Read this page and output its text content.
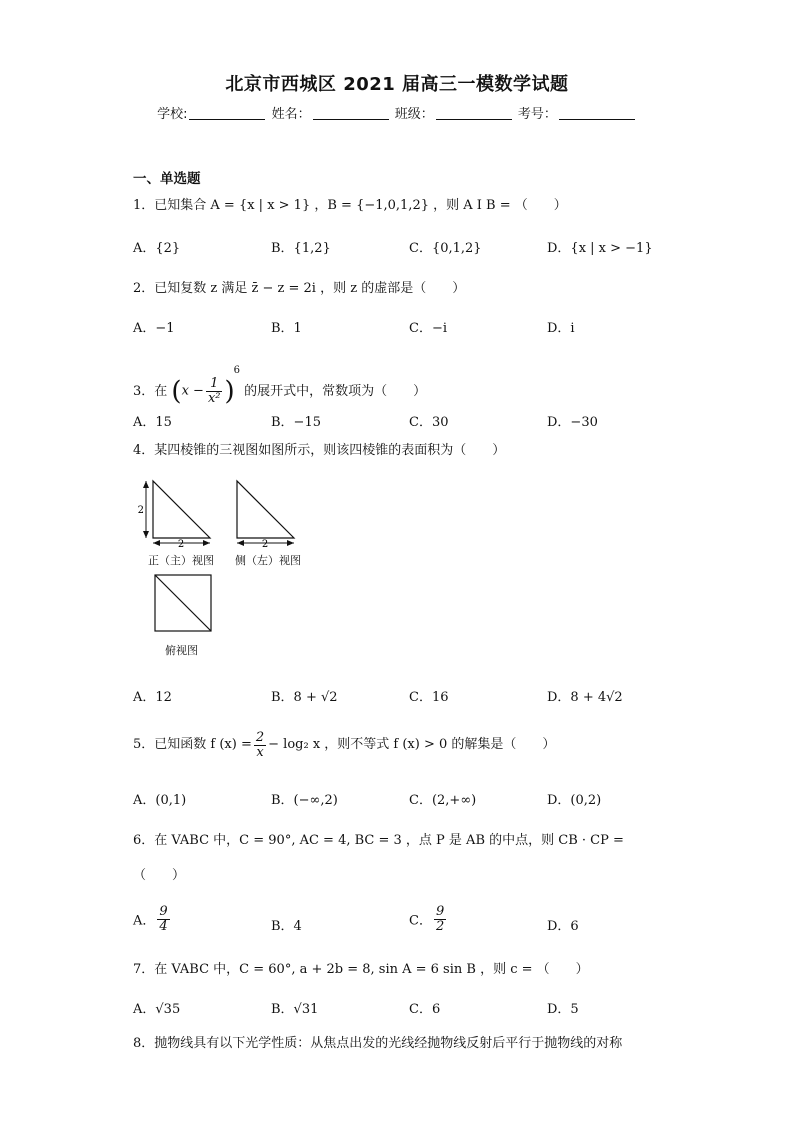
北京市西城区 2021 届高三一模数学试题
学校:	姓名：	班级：	考号：
一、单选题
1．已知集合 A = {x | x > 1} ，B = {−1,0,1,2} ，则 A I B = （　　）
A．{2}	B．{1,2}	C．{0,1,2}	D．{x | x > −1}
2．已知复数 z 满足 z̄ − z = 2i ，则 z 的虚部是（　　）
A．−1	B．1	C．−i	D．i
3．在 $(x - \frac{1}{\text{x²}} )^6$ 的展开式中，常数项为（　　）
A．15	B．−15	C．30	D．−30
4．某四棱锥的三视图如图所示，则该四棱锥的表面积为（　　）
2
2	2
正（主）视图 侧（左）视图
俯视图
A．12	B．8 + √2	C．16	D．8 + 4√2
5．已知函数 f $(x) = \frac{2}{x} - \log_2$ x ，则不等式 f (x) > 0 的解集是（　　）
A．(0,1)	B．(−∞,2)	C．(2,+∞)	D．(0,2)
6．在 VABC 中，C = 90°, AC = 4, BC = 3 ，点 P 是 AB 的中点，则 CB · CP =
（　　）
A． $\frac{9}{4}$	B．4	C． $\frac{9}{2}$	D．6
7．在 VABC 中，C = 60°, a + 2b = 8, sin A = 6 sin B ，则 c = （　　）
A．√35	B．√31	C．6	D．5
8．抛物线具有以下光学性质：从焦点出发的光线经抛物线反射后平行于抛物线的对称
